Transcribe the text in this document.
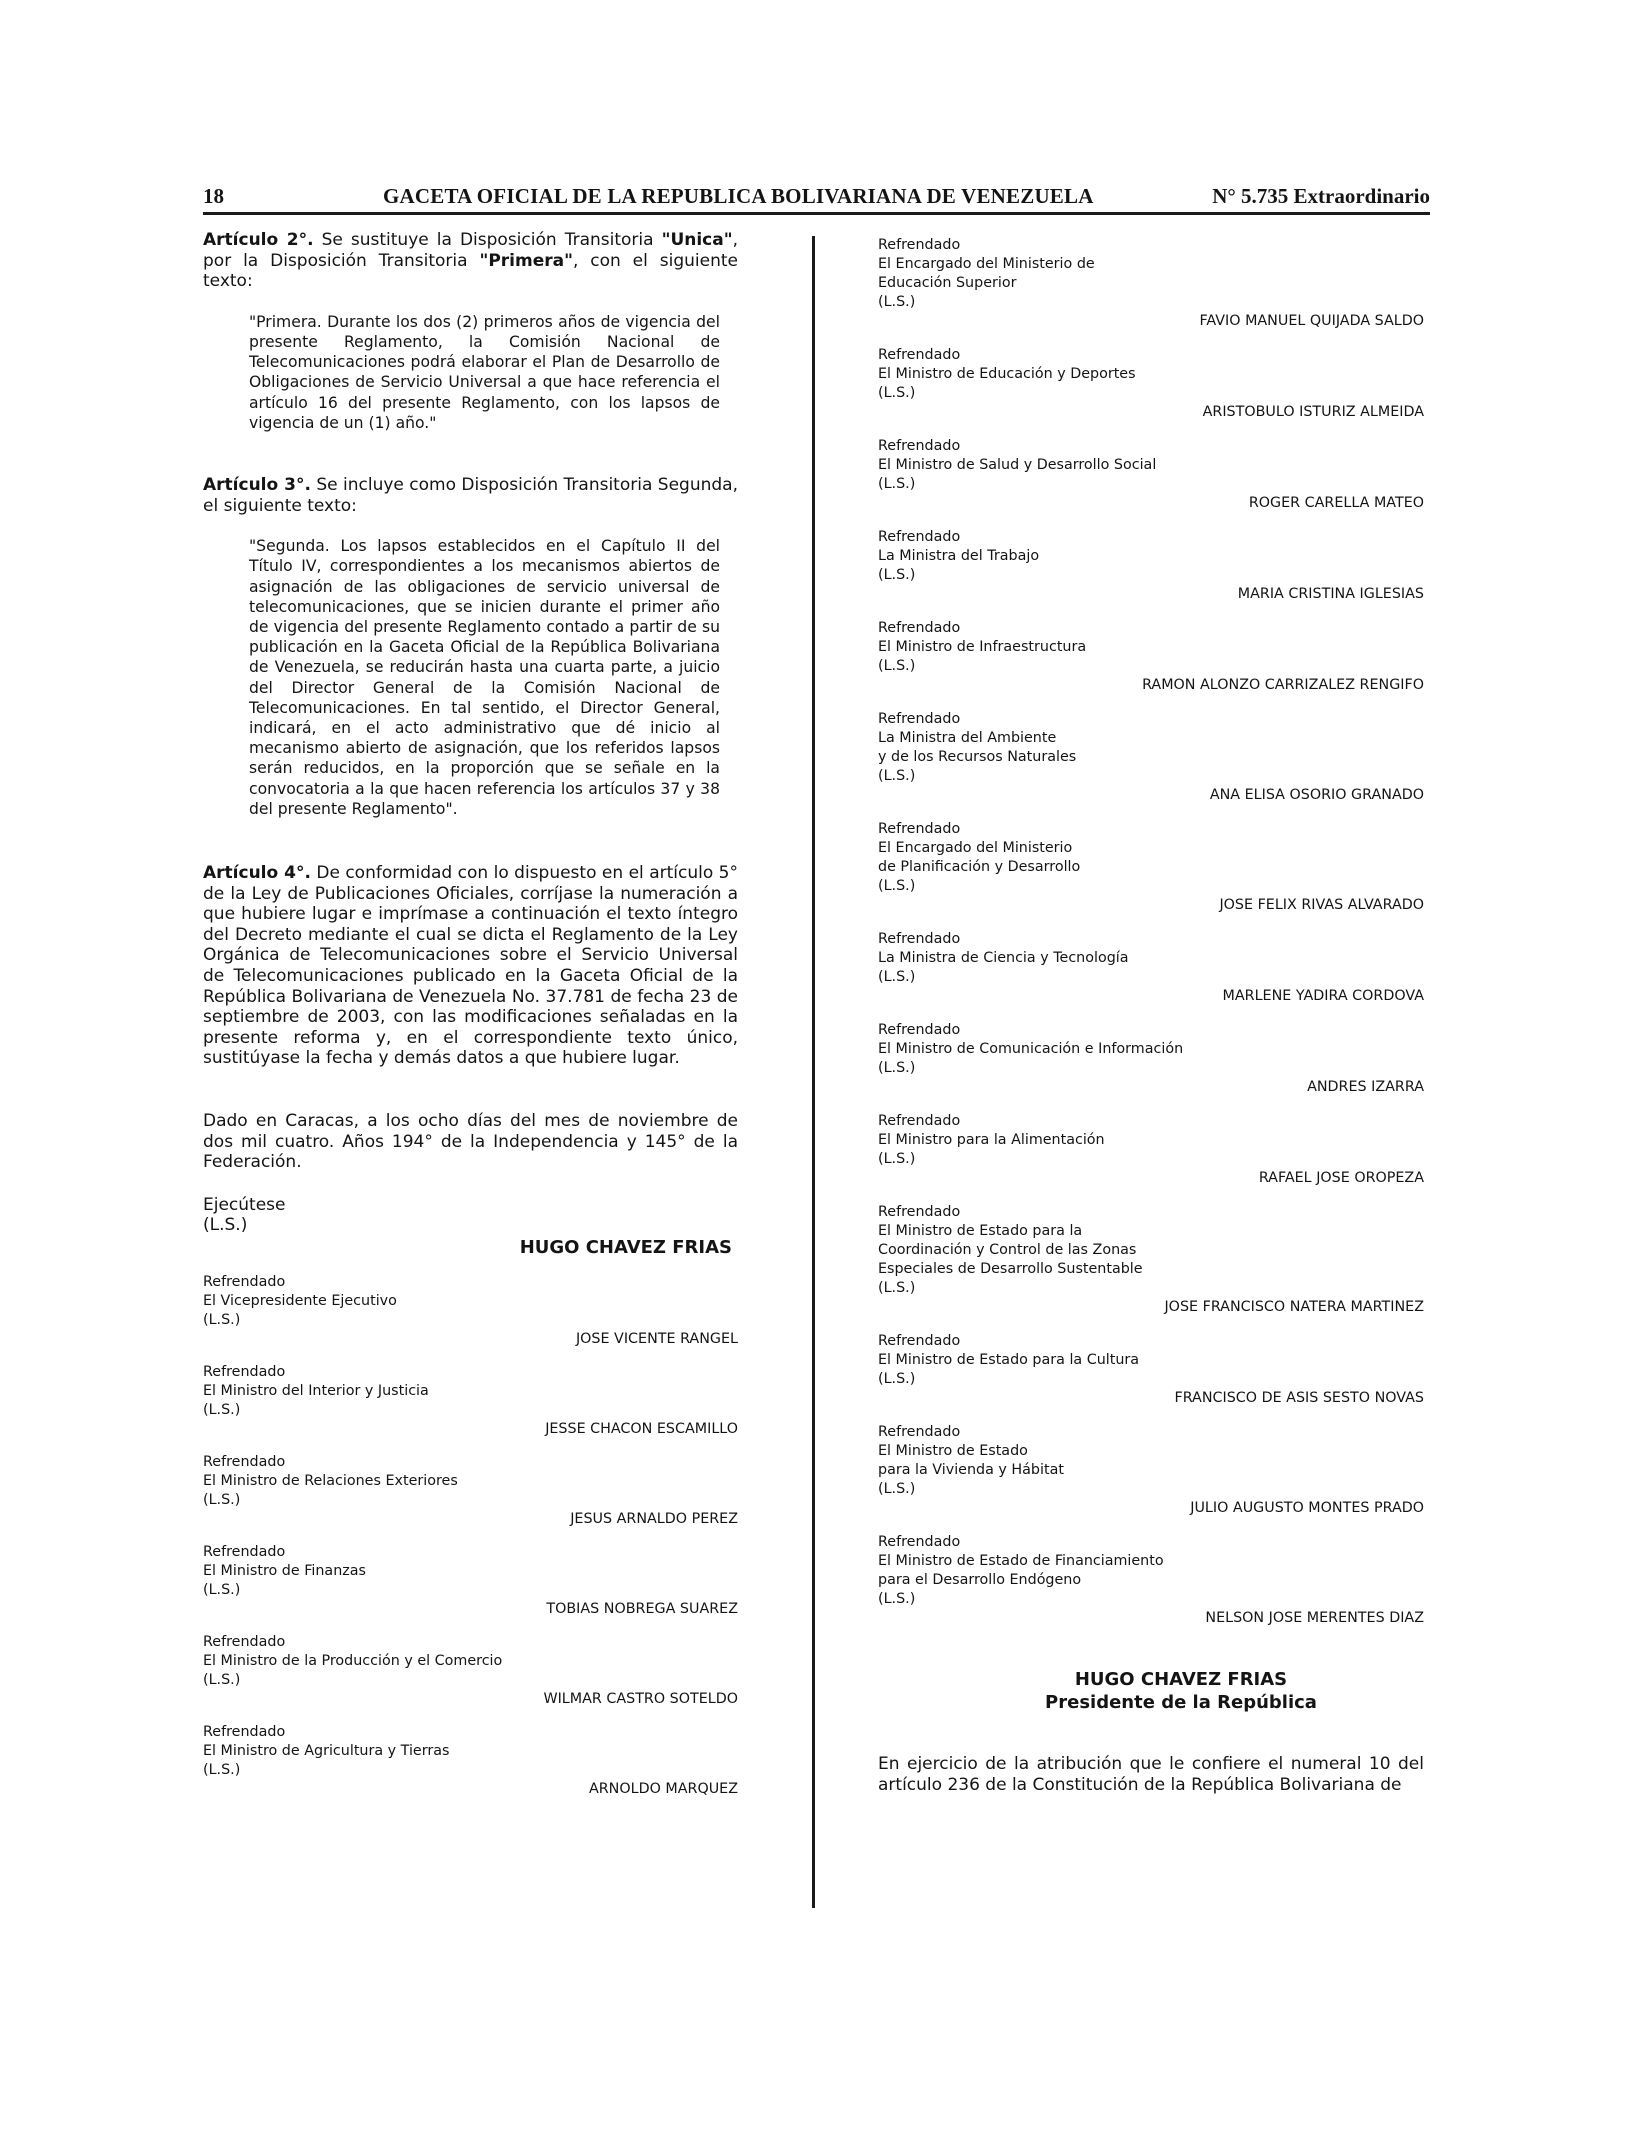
18	GACETA OFICIAL DE LA REPUBLICA BOLIVARIANA DE VENEZUELA	N° 5.735 Extraordinario

Artículo 2°. Se sustituye la Disposición Transitoria "Unica", por la Disposición Transitoria "Primera", con el siguiente texto:

"Primera. Durante los dos (2) primeros años de vigencia del presente Reglamento, la Comisión Nacional de Telecomunicaciones podrá elaborar el Plan de Desarrollo de Obligaciones de Servicio Universal a que hace referencia el artículo 16 del presente Reglamento, con los lapsos de vigencia de un (1) año."

Artículo 3°. Se incluye como Disposición Transitoria Segunda, el siguiente texto:

"Segunda. Los lapsos establecidos en el Capítulo II del Título IV, correspondientes a los mecanismos abiertos de asignación de las obligaciones de servicio universal de telecomunicaciones, que se inicien durante el primer año de vigencia del presente Reglamento contado a partir de su publicación en la Gaceta Oficial de la República Bolivariana de Venezuela, se reducirán hasta una cuarta parte, a juicio del Director General de la Comisión Nacional de Telecomunicaciones. En tal sentido, el Director General, indicará, en el acto administrativo que dé inicio al mecanismo abierto de asignación, que los referidos lapsos serán reducidos, en la proporción que se señale en la convocatoria a la que hacen referencia los artículos 37 y 38 del presente Reglamento".

Artículo 4°. De conformidad con lo dispuesto en el artículo 5° de la Ley de Publicaciones Oficiales, corríjase la numeración a que hubiere lugar e imprímase a continuación el texto íntegro del Decreto mediante el cual se dicta el Reglamento de la Ley Orgánica de Telecomunicaciones sobre el Servicio Universal de Telecomunicaciones publicado en la Gaceta Oficial de la República Bolivariana de Venezuela No. 37.781 de fecha 23 de septiembre de 2003, con las modificaciones señaladas en la presente reforma y, en el correspondiente texto único, sustitúyase la fecha y demás datos a que hubiere lugar.

Dado en Caracas, a los ocho días del mes de noviembre de dos mil cuatro. Años 194° de la Independencia y 145° de la Federación.

Ejecútese
(L.S.)
HUGO CHAVEZ FRIAS
Refrendado
El Vicepresidente Ejecutivo
(L.S.)
JOSE VICENTE RANGEL
Refrendado
El Ministro del Interior y Justicia
(L.S.)
JESSE CHACON ESCAMILLO
Refrendado
El Ministro de Relaciones Exteriores
(L.S.)
JESUS ARNALDO PEREZ
Refrendado
El Ministro de Finanzas
(L.S.)
TOBIAS NOBREGA SUAREZ
Refrendado
El Ministro de la Producción y el Comercio
(L.S.)
WILMAR CASTRO SOTELDO
Refrendado
El Ministro de Agricultura y Tierras
(L.S.)
ARNOLDO MARQUEZ
Refrendado
El Encargado del Ministerio de
Educación Superior
(L.S.)
FAVIO MANUEL QUIJADA SALDO
Refrendado
El Ministro de Educación y Deportes
(L.S.)
ARISTOBULO ISTURIZ ALMEIDA
Refrendado
El Ministro de Salud y Desarrollo Social
(L.S.)
ROGER CARELLA MATEO
Refrendado
La Ministra del Trabajo
(L.S.)
MARIA CRISTINA IGLESIAS
Refrendado
El Ministro de Infraestructura
(L.S.)
RAMON ALONZO CARRIZALEZ RENGIFO
Refrendado
La Ministra del Ambiente
y de los Recursos Naturales
(L.S.)
ANA ELISA OSORIO GRANADO
Refrendado
El Encargado del Ministerio
de Planificación y Desarrollo
(L.S.)
JOSE FELIX RIVAS ALVARADO
Refrendado
La Ministra de Ciencia y Tecnología
(L.S.)
MARLENE YADIRA CORDOVA
Refrendado
El Ministro de Comunicación e Información
(L.S.)
ANDRES IZARRA
Refrendado
El Ministro para la Alimentación
(L.S.)
RAFAEL JOSE OROPEZA
Refrendado
El Ministro de Estado para la
Coordinación y Control de las Zonas
Especiales de Desarrollo Sustentable
(L.S.)
JOSE FRANCISCO NATERA MARTINEZ
Refrendado
El Ministro de Estado para la Cultura
(L.S.)
FRANCISCO DE ASIS SESTO NOVAS
Refrendado
El Ministro de Estado
para la Vivienda y Hábitat
(L.S.)
JULIO AUGUSTO MONTES PRADO
Refrendado
El Ministro de Estado de Financiamiento
para el Desarrollo Endógeno
(L.S.)
NELSON JOSE MERENTES DIAZ
HUGO CHAVEZ FRIAS
Presidente de la República

En ejercicio de la atribución que le confiere el numeral 10 del artículo 236 de la Constitución de la República Bolivariana de
